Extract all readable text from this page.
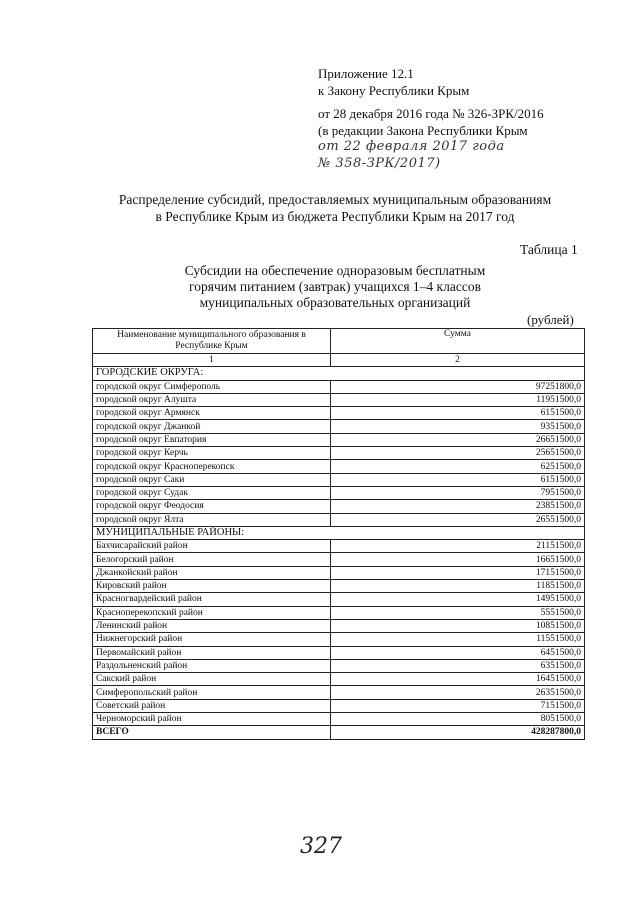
Приложение 12.1
к Закону Республики Крым
от 28 декабря 2016 года № 326-ЗРК/2016
(в редакции Закона Республики Крым
от 22 февраля 2017 года
№ 358-ЗРК/2017)
Распределение субсидий, предоставляемых муниципальным образованиям
в Республике Крым из бюджета Республики Крым на 2017 год
Таблица 1
Субсидии на обеспечение одноразовым бесплатным
горячим питанием (завтрак) учащихся 1–4 классов
муниципальных образовательных организаций
(рублей)
Наименование муниципального образования в Республике Крым	Сумма
1	2
ГОРОДСКИЕ ОКРУГА:	
городской округ Симферополь	97251800,0
городской округ Алушта	11951500,0
городской округ Армянск	6151500,0
городской округ Джанкой	9351500,0
городской округ Евпатория	26651500,0
городской округ Керчь	25651500,0
городской округ Красноперекопск	6251500,0
городской округ Саки	6151500,0
городской округ Судак	7951500,0
городской округ Феодосия	23851500,0
городской округ Ялта	26551500,0
МУНИЦИПАЛЬНЫЕ РАЙОНЫ:	
Бахчисарайский район	21151500,0
Белогорский район	16651500,0
Джанкойский район	17151500,0
Кировский район	11851500,0
Красногвардейский район	14951500,0
Красноперекопский район	5551500,0
Ленинский район	10851500,0
Нижнегорский район	11551500,0
Первомайский район	6451500,0
Раздольненский район	6351500,0
Сакский район	16451500,0
Симферопольский район	26351500,0
Советский район	7151500,0
Черноморский район	8051500,0
ВСЕГО	428287800,0
327
